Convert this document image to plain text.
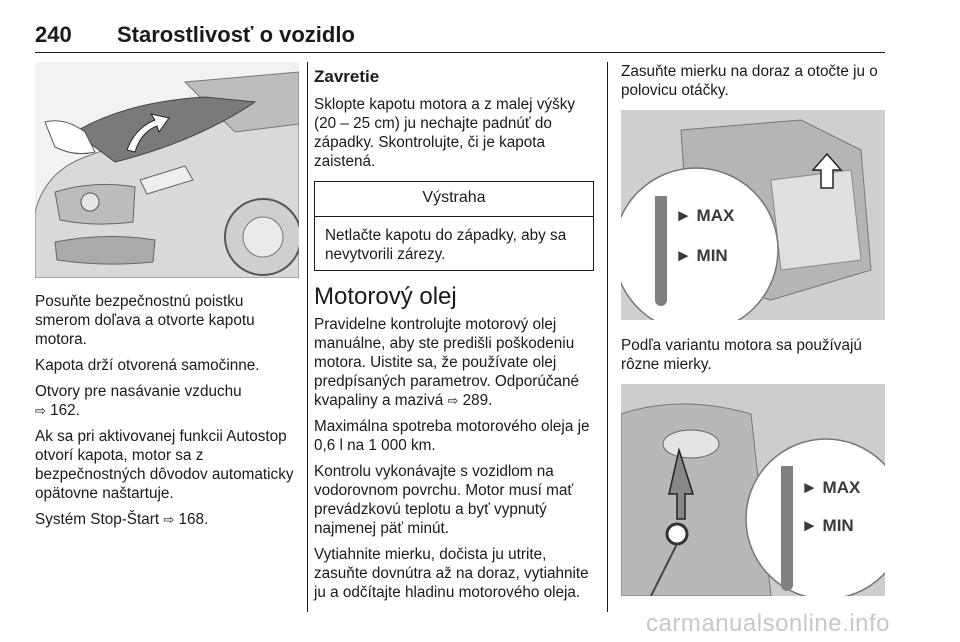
240 Starostlivosť o vozidlo

Posuňte bezpečnostnú poistku smerom doľava a otvorte kapotu motora.

Kapota drží otvorená samočinne.

Otvory pre nasávanie vzduchu
⇨ 162.

Ak sa pri aktivovanej funkcii Autostop otvorí kapota, motor sa z bezpečnostných dôvodov automaticky opätovne naštartuje.

Systém Stop-Štart ⇨ 168.

Zavretie

Sklopte kapotu motora a z malej výšky (20 – 25 cm) ju nechajte padnúť do západky. Skontrolujte, či je kapota zaistená.

Výstraha

Netlačte kapotu do západky, aby sa nevytvorili zárezy.

Motorový olej

Pravidelne kontrolujte motorový olej manuálne, aby ste predišli poškodeniu motora. Uistite sa, že používate olej predpísaných parametrov. Odporúčané kvapaliny a mazivá ⇨ 289.

Maximálna spotreba motorového oleja je 0,6 l na 1 000 km.

Kontrolu vykonávajte s vozidlom na vodorovnom povrchu. Motor musí mať prevádzkovú teplotu a byť vypnutý najmenej päť minút.

Vytiahnite mierku, dočista ju utrite, zasuňte dovnútra až na doraz, vytiahnite ju a odčítajte hladinu motorového oleja.

Zasuňte mierku na doraz a otočte ju o polovicu otáčky.

► MAX
► MIN

Podľa variantu motora sa používajú rôzne mierky.

► MAX
► MIN
carmanualsonline.info
